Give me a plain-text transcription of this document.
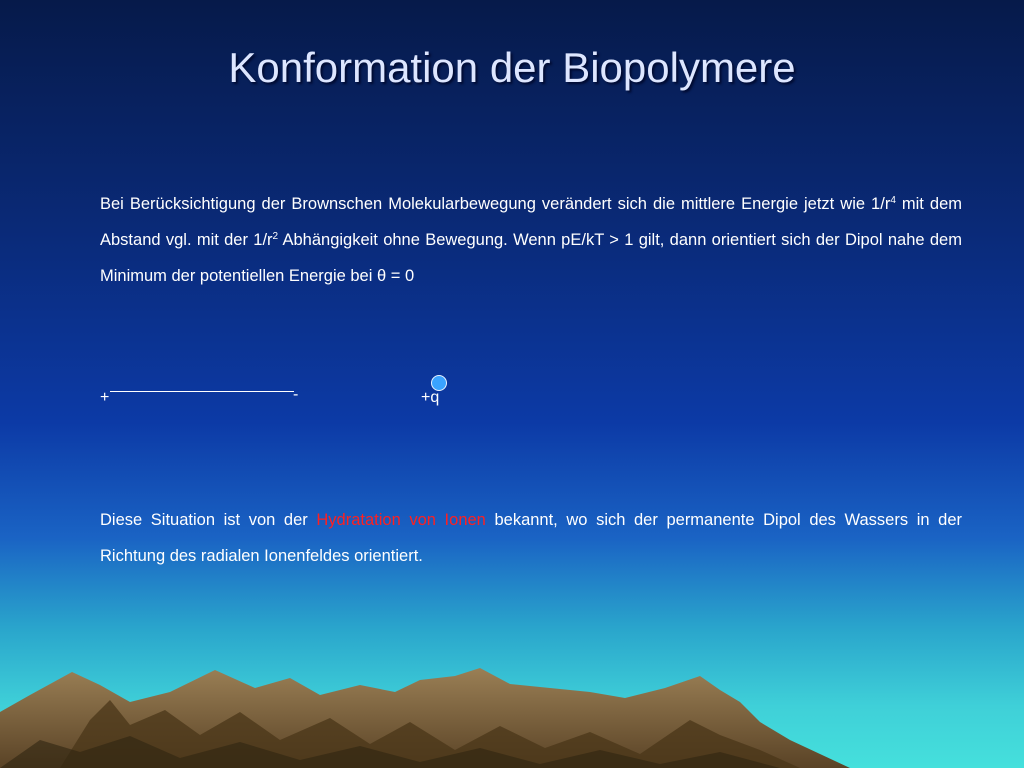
Konformation der Biopolymere
Bei Berücksichtigung der Brownschen Molekularbewegung verändert sich die mittlere Energie jetzt wie $1/r^4$ mit dem Abstand vgl. mit der $1/r^2$ Abhängigkeit ohne Bewegung. Wenn pE/kT > 1 gilt, dann orientiert sich der Dipol nahe dem Minimum der potentiellen Energie bei θ = 0
+	-	+q
Diese Situation ist von der Hydratation von Ionen bekannt, wo sich der permanente Dipol des Wassers in der Richtung des radialen Ionenfeldes orientiert.
